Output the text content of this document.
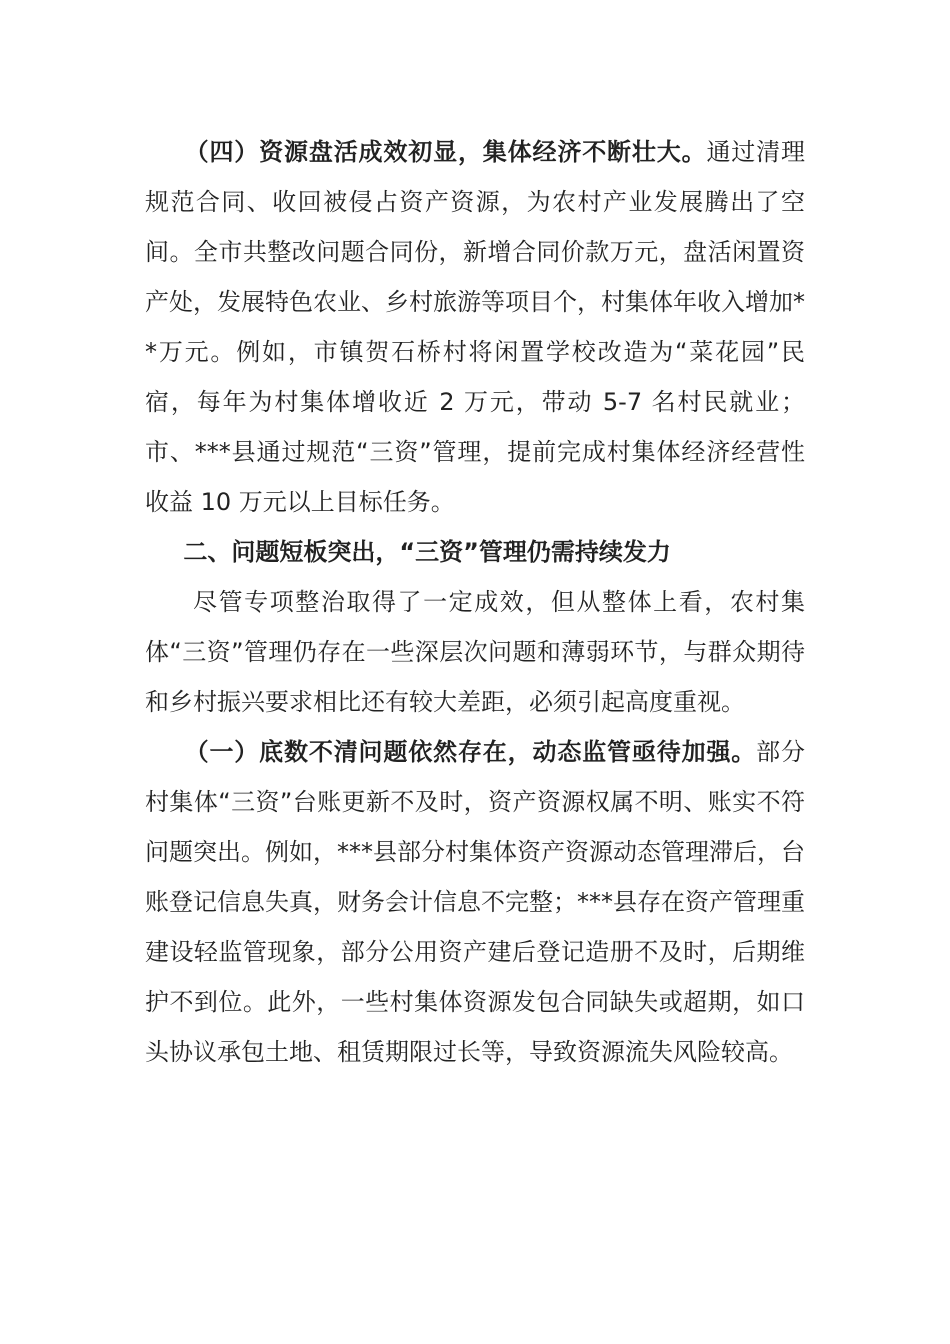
（四）资源盘活成效初显，集体经济不断壮大。通过清理规范合同、收回被侵占资产资源，为农村产业发展腾出了空间。全市共整改问题合同份，新增合同价款万元，盘活闲置资产处，发展特色农业、乡村旅游等项目个，村集体年收入增加**万元。例如，市镇贺石桥村将闲置学校改造为“菜花园”民宿，每年为村集体增收近 2 万元，带动 5-7 名村民就业；市、***县通过规范“三资”管理，提前完成村集体经济经营性收益 10 万元以上目标任务。

二、问题短板突出，“三资”管理仍需持续发力

尽管专项整治取得了一定成效，但从整体上看，农村集体“三资”管理仍存在一些深层次问题和薄弱环节，与群众期待和乡村振兴要求相比还有较大差距，必须引起高度重视。

（一）底数不清问题依然存在，动态监管亟待加强。部分村集体“三资”台账更新不及时，资产资源权属不明、账实不符问题突出。例如，***县部分村集体资产资源动态管理滞后，台账登记信息失真，财务会计信息不完整；***县存在资产管理重建设轻监管现象，部分公用资产建后登记造册不及时，后期维护不到位。此外，一些村集体资源发包合同缺失或超期，如口头协议承包土地、租赁期限过长等，导致资源流失风险较高。
